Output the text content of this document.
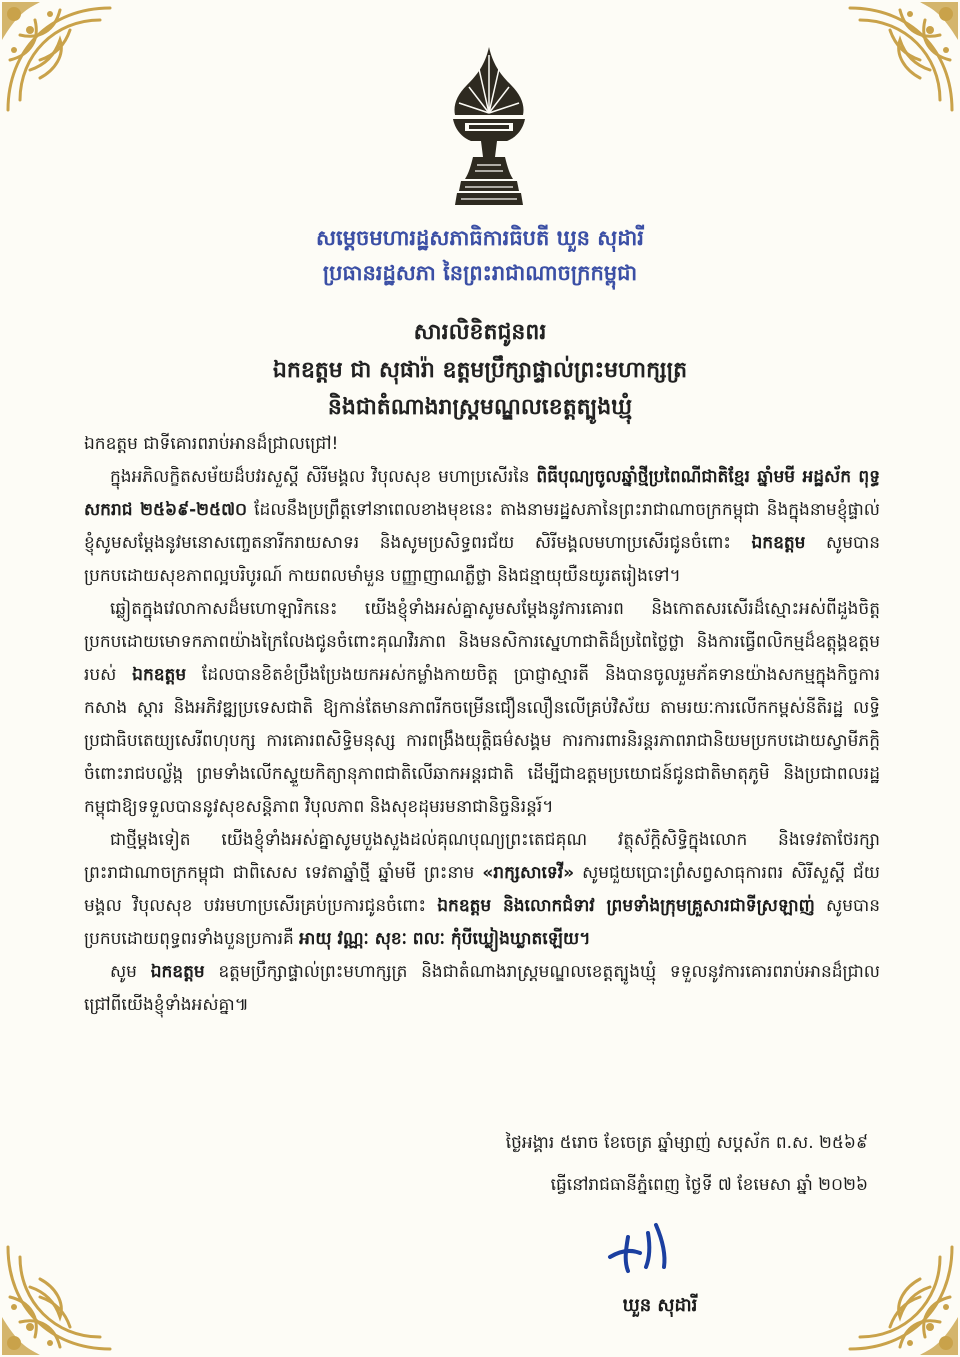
សម្តេចមហារដ្ឋសភាធិការធិបតី ឃួន សុដារី
ប្រធានរដ្ឋសភា នៃព្រះរាជាណាចក្រកម្ពុជា
សារលិខិតជូនពរ
ឯកឧត្តម ជា សុផារ៉ា ឧត្តមប្រឹក្សាផ្ទាល់ព្រះមហាក្សត្រ
និងជាតំណាងរាស្ត្រមណ្ឌលខេត្តត្បូងឃ្មុំ

ឯកឧត្តម ជាទីគោរពរាប់អានដ៏ជ្រាលជ្រៅ!

ក្នុងអភិលក្ខិតសម័យដ៏បវរសួស្តី សិរីមង្គល វិបុលសុខ មហាប្រសើរនៃ ពិធីបុណ្យចូលឆ្នាំថ្មីប្រពៃណីជាតិខ្មែរ ឆ្នាំមមី អដ្ឋស័ក ពុទ្ធសករាជ ២៥៦៩-២៥៧០ ដែលនឹងប្រព្រឹត្តទៅនាពេលខាងមុខនេះ តាងនាមរដ្ឋសភានៃព្រះរាជាណាចក្រកម្ពុជា និងក្នុងនាមខ្ញុំផ្ទាល់ ខ្ញុំសូមសម្តែងនូវមនោសញ្ចេតនារីករាយសាទរ និងសូមប្រសិទ្ធពរជ័យ សិរីមង្គលមហាប្រសើរជូនចំពោះ ឯកឧត្តម សូមបានប្រកបដោយសុខភាពល្អបរិបូរណ៍ កាយពលមាំមួន បញ្ញាញាណភ្លឺថ្លា និងជន្មាយុយឺនយូរតរៀងទៅ។

ឆ្លៀតក្នុងវេលាកាសដ៏មហោឡារិកនេះ យើងខ្ញុំទាំងអស់គ្នាសូមសម្តែងនូវការគោរព និងកោតសរសើរដ៏ស្មោះអស់ពីដួងចិត្តប្រកបដោយមោទកភាពយ៉ាងក្រៃលែងជូនចំពោះគុណវិរភាព និងមនសិការស្នេហាជាតិដ៏ប្រពៃថ្លៃថ្លា និងការធ្វើពលិកម្មដ៏ឧត្តុង្គឧត្តមរបស់ ឯកឧត្តម ដែលបានខិតខំប្រឹងប្រែងយកអស់កម្លាំងកាយចិត្ត ប្រាជ្ញាស្មារតី និងបានចូលរួមភ័គទានយ៉ាងសកម្មក្នុងកិច្ចការកសាង ស្តារ និងអភិវឌ្ឍប្រទេសជាតិ ឱ្យកាន់តែមានភាពរីកចម្រើនជឿនលឿនលើគ្រប់វិស័យ តាមរយៈការលើកកម្ពស់នីតិរដ្ឋ លទ្ធិប្រជាធិបតេយ្យសេរីពហុបក្ស ការគោរពសិទ្ធិមនុស្ស ការពង្រឹងយុត្តិធម៌សង្គម ការការពារនិរន្តរភាពរាជានិយមប្រកបដោយស្វាមីភក្តិចំពោះរាជបល្ល័ង្ក ព្រមទាំងលើកស្ទួយកិត្យានុភាពជាតិលើឆាកអន្តរជាតិ ដើម្បីជាឧត្តមប្រយោជន៍ជូនជាតិមាតុភូមិ និងប្រជាពលរដ្ឋកម្ពុជាឱ្យទទួលបាននូវសុខសន្តិភាព វិបុលភាព និងសុខដុមរមនាជានិច្ចនិរន្តរ៍។

ជាថ្មីម្តងទៀត យើងខ្ញុំទាំងអស់គ្នាសូមបួងសួងដល់គុណបុណ្យព្រះតេជគុណ វត្ថុស័ក្តិសិទ្ធិក្នុងលោក និងទេវតាថែរក្សាព្រះរាជាណាចក្រកម្ពុជា ជាពិសេស ទេវតាឆ្នាំថ្មី ឆ្នាំមមី ព្រះនាម «រាក្សសាទេវី» សូមជួយប្រោះព្រំសព្វសាធុការពរ សិរីសួស្តី ជ័យមង្គល វិបុលសុខ បវរមហាប្រសើរគ្រប់ប្រការជូនចំពោះ ឯកឧត្តម និងលោកជំទាវ ព្រមទាំងក្រុមគ្រួសារជាទីស្រឡាញ់ សូមបានប្រកបដោយពុទ្ធពរទាំងបួនប្រការគឺ អាយុ វណ្ណៈ សុខៈ ពលៈ កុំបីឃ្លៀងឃ្លាតឡើយ។

សូម ឯកឧត្តម ឧត្តមប្រឹក្សាផ្ទាល់ព្រះមហាក្សត្រ និងជាតំណាងរាស្ត្រមណ្ឌលខេត្តត្បូងឃ្មុំ ទទួលនូវការគោរពរាប់អានដ៏ជ្រាលជ្រៅពីយើងខ្ញុំទាំងអស់គ្នា៕

ថ្ងៃអង្គារ ៥រោច ខែចេត្រ ឆ្នាំម្សាញ់ សប្តស័ក ព.ស. ២៥៦៩
ធ្វើនៅរាជធានីភ្នំពេញ ថ្ងៃទី ៧ ខែមេសា ឆ្នាំ ២០២៦
ឃួន សុដារី
